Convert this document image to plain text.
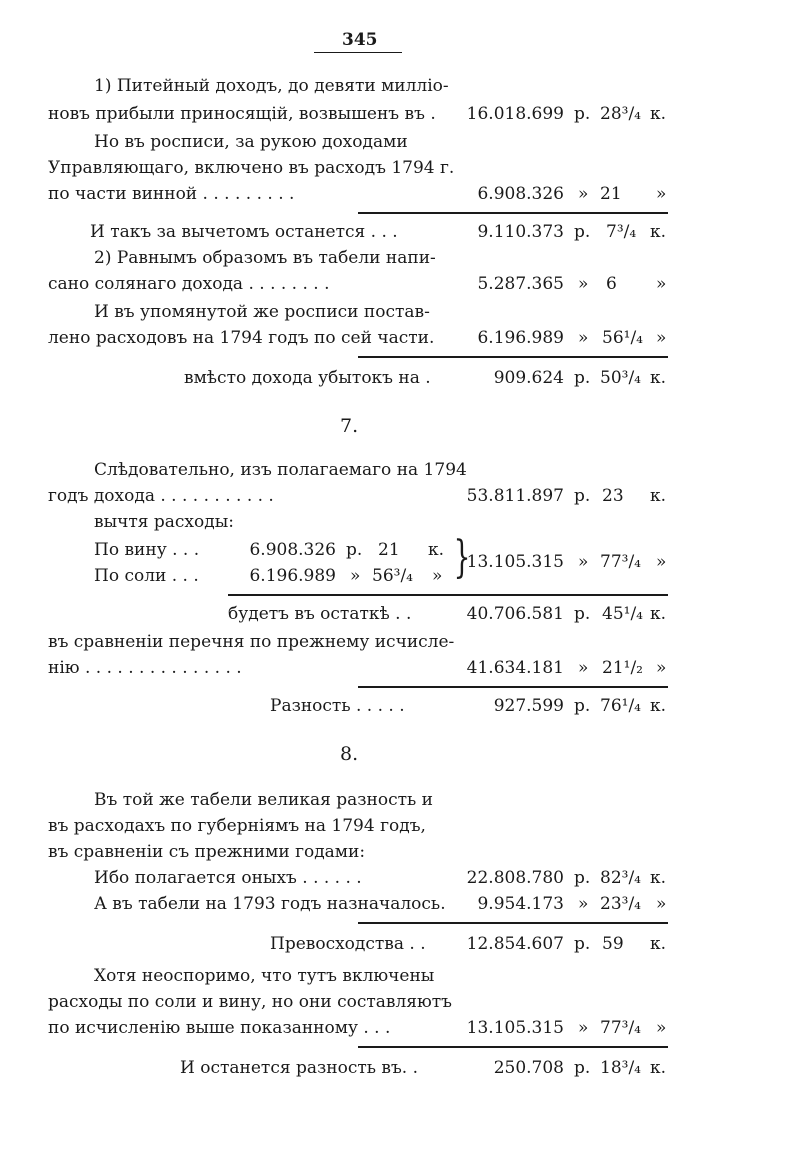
345
1) Питейный доходъ, до девяти милліо-
новъ прибыли приносящій, возвышенъ въ .	16.018.699 р. 28³/₄ к.
Но въ росписи, за рукою доходами
Управляющаго, включено въ расходъ 1794 г.
по части винной . . . . . . . . .	6.908.326 » 21 »
И такъ за вычетомъ останется . . .	9.110.373 р. 7³/₄ к.
2) Равнымъ образомъ въ табели напи-
сано солянаго дохода . . . . . . . .	5.287.365 » 6 »
И въ упомянутой же росписи постав-
лено расходовъ на 1794 годъ по сей части.	6.196.989 » 56¹/₄ »
вмѣсто дохода убытокъ на .	909.624 р. 50³/₄ к.
7.
Слѣдовательно, изъ полагаемаго на 1794
годъ дохода . . . . . . . . . . .	53.811.897 р. 23 к.
вычтя расходы:
По вину . . .	6.908.326 р. 21 к.
По соли . . .	6.196.989 » 56³/₄ » }
13.105.315 » 77³/₄ »
будетъ въ остаткѣ . .	40.706.581 р. 45¹/₄ к.
въ сравненіи перечня по прежнему исчисле-
нію . . . . . . . . . . . . . . .	41.634.181 » 21¹/₂ »
Разность . . . . .	927.599 р. 76¹/₄ к.
8.
Въ той же табели великая разность и
въ расходахъ по губерніямъ на 1794 годъ,
въ сравненіи съ прежними годами:
Ибо полагается оныхъ . . . . . .	22.808.780 р. 82³/₄ к.
А въ табели на 1793 годъ назначалось.	9.954.173 » 23³/₄ »
Превосходства . .	12.854.607 р. 59 к.
Хотя неоспоримо, что тутъ включены
расходы по соли и вину, но они составляютъ
по исчисленію выше показанному . . .	13.105.315 » 77³/₄ »
И останется разность въ. .	250.708 р. 18³/₄ к.
